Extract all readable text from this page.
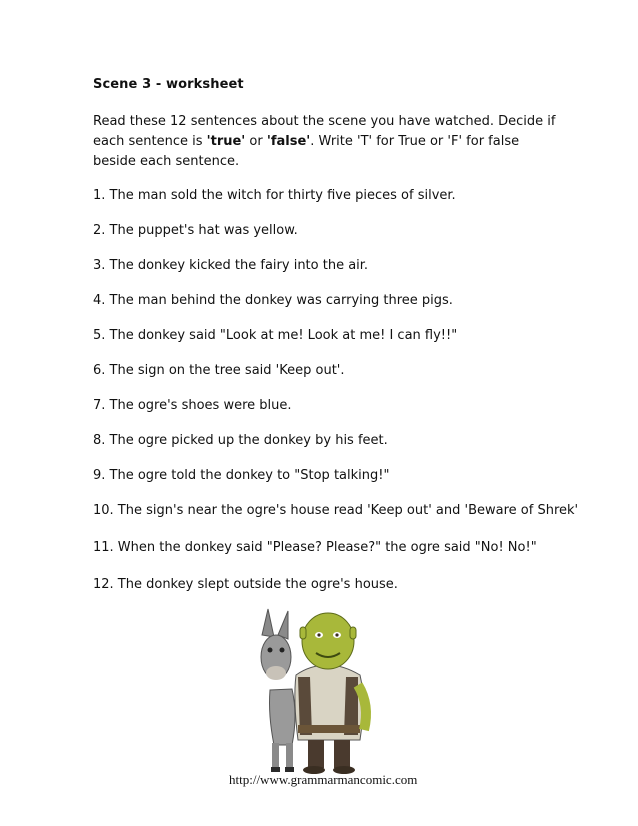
Scene 3 - worksheet
Read these 12 sentences about the scene you have watched. Decide if each sentence is 'true' or 'false'. Write 'T' for True or 'F' for false beside each sentence.
1. The man sold the witch for thirty five pieces of silver.
2. The puppet's hat was yellow.
3. The donkey kicked the fairy into the air.
4. The man behind the donkey was carrying three pigs.
5. The donkey said "Look at me! Look at me! I can fly!!"
6. The sign on the tree said 'Keep out'.
7. The ogre's shoes were blue.
8. The ogre picked up the donkey by his feet.
9. The ogre told the donkey to "Stop talking!"
10. The sign's near the ogre's house read 'Keep out' and 'Beware of Shrek'
11. When the donkey said "Please? Please?" the ogre said "No! No!"
12. The donkey slept outside the ogre's house.
http://www.grammarmancomic.com
